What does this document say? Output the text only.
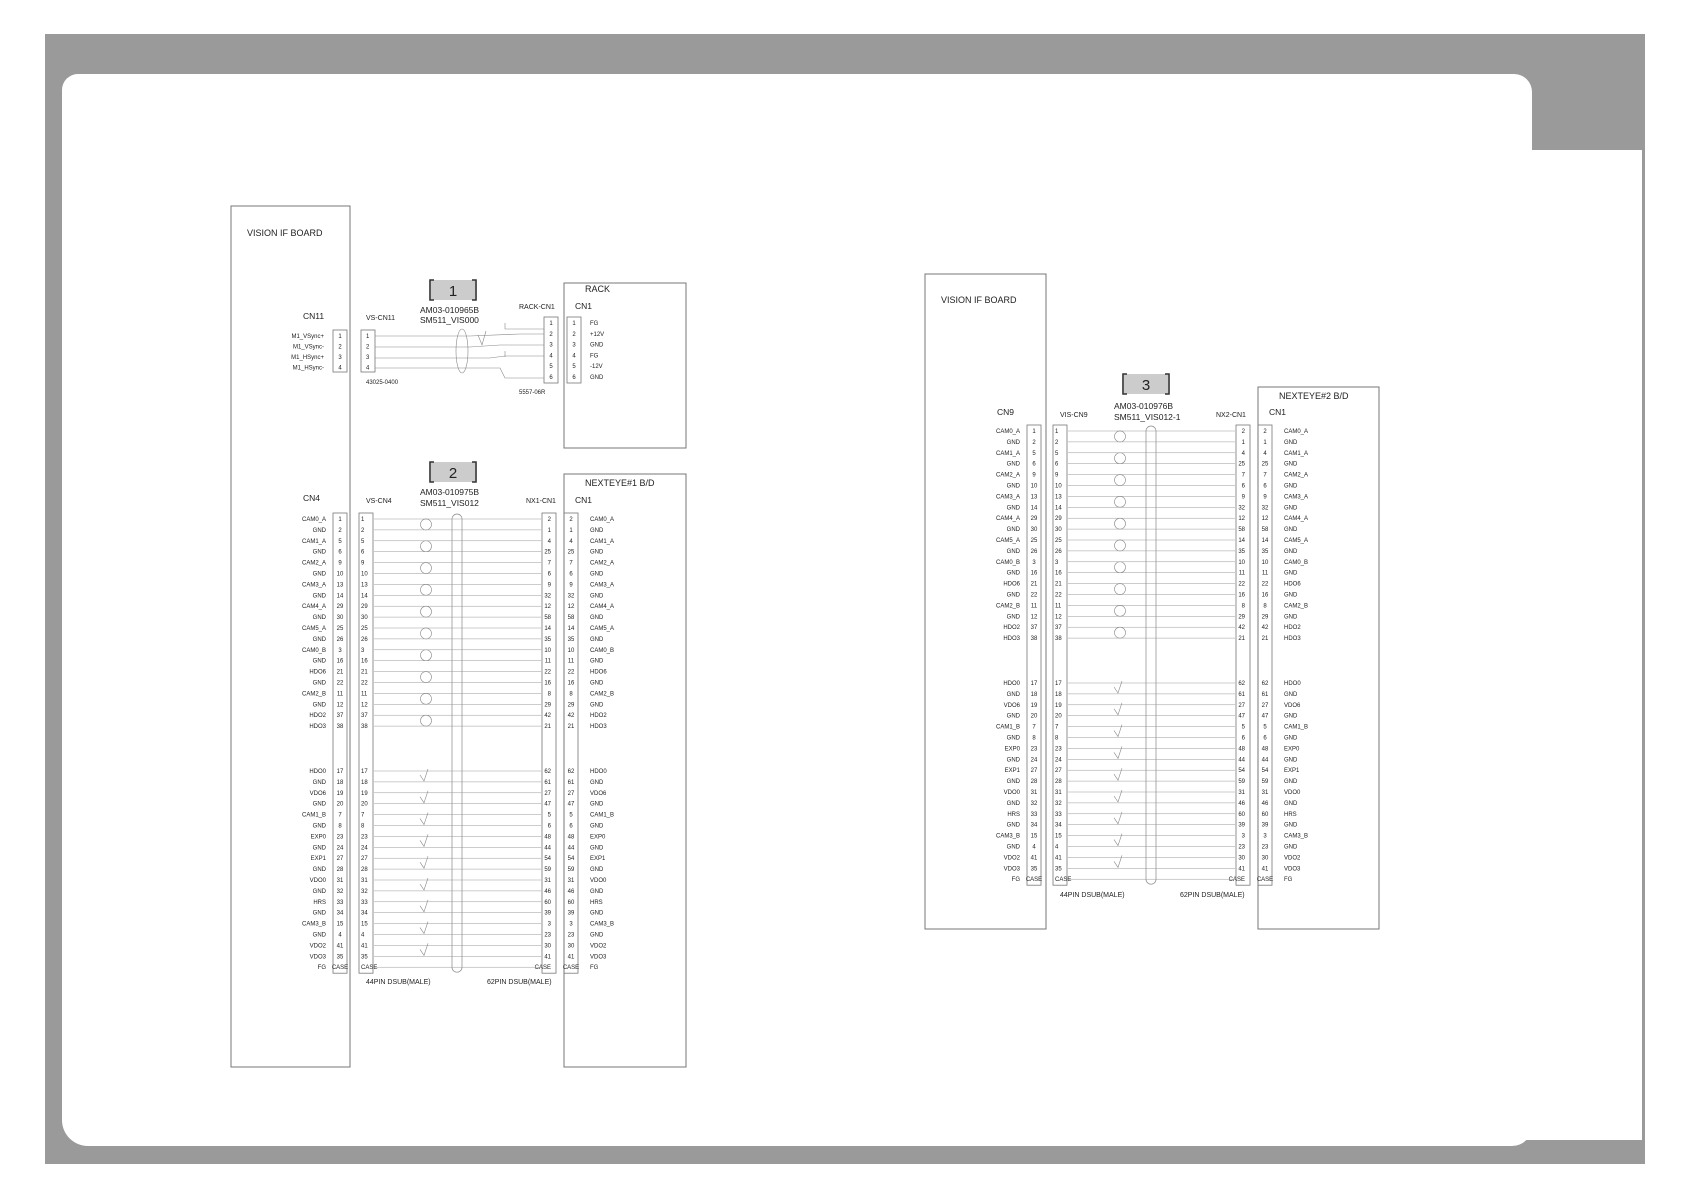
VISION IF BOARD
RACK
NEXTEYE#1 B/D
1
AM03-010965B
SM511_VIS000
CN11	VS-CN11
RACK-CN1 CN1
43025-0400
5557-06R
M1_VSync+ 1	1
M1_VSync- 2	2
M1_HSync+ 3	3
M1_HSync- 4	4
1	1 FG
2	2 +12V
3	3 GND
4	4 FG
5	5 -12V
6	6 GND
2
AM03-010975B
SM511_VIS012
CN4	VS-CN4	NX1-CN1 CN1
44PIN DSUB(MALE)	62PIN DSUB(MALE)
CAM0_A 1	1	2	2	CAM0_A
GND 2	2	1	1	GND
CAM1_A 5	5	4	4	CAM1_A
GND 6	6	25	25	GND
CAM2_A 9	9	7	7	CAM2_A
GND 10	10	6	6	GND
CAM3_A 13	13	9	9	CAM3_A
GND 14	14	32	32	GND
CAM4_A 29	29	12	12	CAM4_A
GND 30	30	58	58	GND
CAM5_A 25	25	14	14	CAM5_A
GND 26	26	35	35	GND
CAM0_B 3	3	10	10	CAM0_B
GND 16	16	11	11	GND
HDO6 21	21	22	22	HDO6
GND 22	22	16	16	GND
CAM2_B 11	11	8	8	CAM2_B
GND 12	12	29	29	GND
HDO2 37	37	42	42	HDO2
HDO3 38	38	21	21	HDO3
HDO0 17	17	62	62	HDO0
GND 18	18	61	61	GND
VDO6 19	19	27	27	VDO6
GND 20	20	47	47	GND
CAM1_B 7	7	5	5	CAM1_B
GND 8	8	6	6	GND
EXP0 23	23	48	48	EXP0
GND 24	24	44	44	GND
EXP1 27	27	54	54	EXP1
GND 28	28	59	59	GND
VDO0 31	31	31	31	VDO0
GND 32	32	46	46	GND
HRS 33	33	60	60	HRS
GND 34	34	39	39	GND
CAM3_B 15	15	3	3	CAM3_B
GND 4	4	23	23	GND
VDO2 41	41	30	30	VDO2
VDO3 35	35	41	41	VDO3
FG CASE CASE	CASE CASE FG
VISION IF BOARD
NEXTEYE#2 B/D
3
AM03-010976B
SM511_VIS012-1
CN9	VIS-CN9	NX2-CN1	CN1
44PIN DSUB(MALE)	62PIN DSUB(MALE)
CAM0_A 1	1	2	2	CAM0_A
GND 2	2	1	1	GND
CAM1_A 5	5	4	4	CAM1_A
GND 6	6	25	25	GND
CAM2_A 9	9	7	7	CAM2_A
GND 10	10	6	6	GND
CAM3_A 13	13	9	9	CAM3_A
GND 14	14	32	32	GND
CAM4_A 29	29	12	12	CAM4_A
GND 30	30	58	58	GND
CAM5_A 25	25	14	14	CAM5_A
GND 26	26	35	35	GND
CAM0_B 3	3	10	10	CAM0_B
GND 16	16	11	11	GND
HDO6 21	21	22	22	HDO6
GND 22	22	16	16	GND
CAM2_B 11	11	8	8	CAM2_B
GND 12	12	29	29	GND
HDO2 37	37	42	42	HDO2
HDO3 38	38	21	21	HDO3
HDO0 17	17	62	62	HDO0
GND 18	18	61	61	GND
VDO6 19	19	27	27	VDO6
GND 20	20	47	47	GND
CAM1_B 7	7	5	5	CAM1_B
GND 8	8	6	6	GND
EXP0 23	23	48	48	EXP0
GND 24	24	44	44	GND
EXP1 27	27	54	54	EXP1
GND 28	28	59	59	GND
VDO0 31	31	31	31	VDO0
GND 32	32	46	46	GND
HRS 33	33	60	60	HRS
GND 34	34	39	39	GND
CAM3_B 15	15	3	3	CAM3_B
GND 4	4	23	23	GND
VDO2 41	41	30	30	VDO2
VDO3 35	35	41	41	VDO3
FG CASE CASE	CASE CASE FG
